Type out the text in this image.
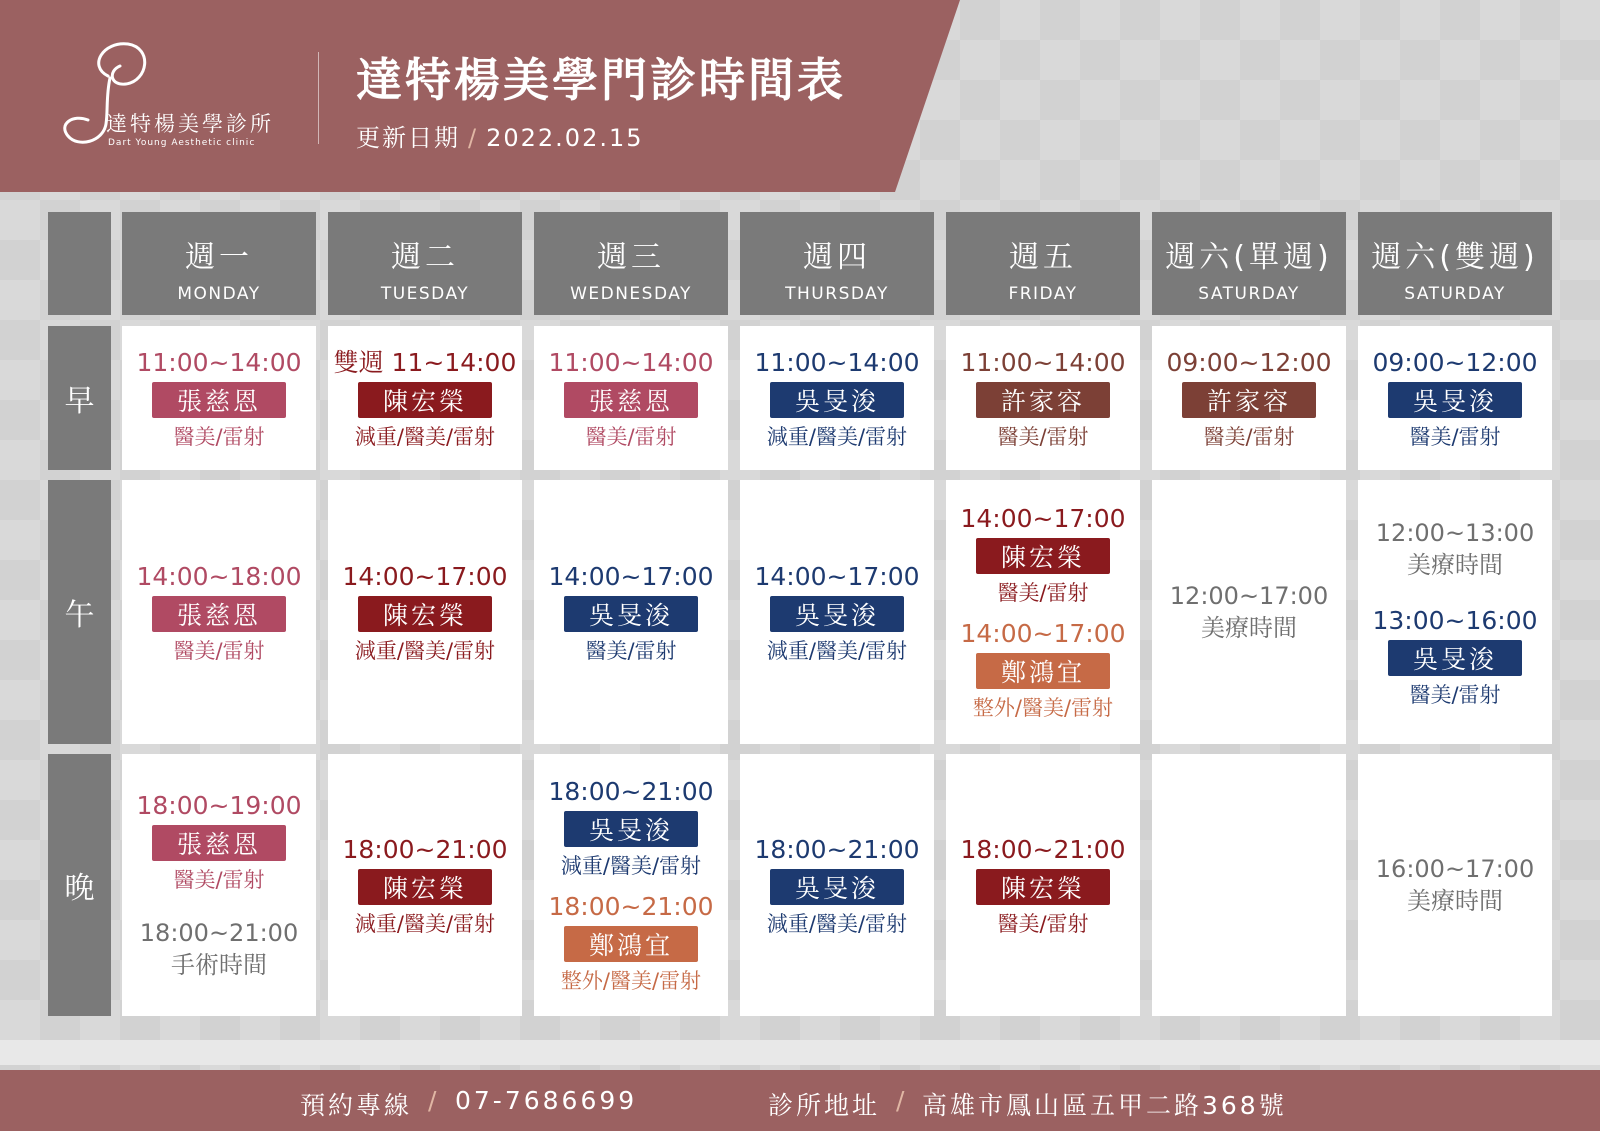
達特楊美學診所
Dart Young Aesthetic clinic
達特楊美學門診時間表
更新日期 / 2022.02.15
週一
MONDAY
週二
TUESDAY
週三
WEDNESDAY
週四
THURSDAY
週五
FRIDAY
週六(單週)
SATURDAY
週六(雙週)
SATURDAY
早
11:00~14:00
張慈恩
醫美/雷射
雙週 11~14:00
陳宏榮
減重/醫美/雷射
11:00~14:00
張慈恩
醫美/雷射
11:00~14:00
吳旻浚
減重/醫美/雷射
11:00~14:00
許家容
醫美/雷射
09:00~12:00
許家容
醫美/雷射
09:00~12:00
吳旻浚
醫美/雷射
午
14:00~18:00
張慈恩
醫美/雷射
14:00~17:00
陳宏榮
減重/醫美/雷射
14:00~17:00
吳旻浚
醫美/雷射
14:00~17:00
吳旻浚
減重/醫美/雷射
14:00~17:00
陳宏榮
醫美/雷射
14:00~17:00
鄭鴻宜
整外/醫美/雷射
12:00~17:00
美療時間
12:00~13:00
美療時間
13:00~16:00
吳旻浚
醫美/雷射
晚
18:00~19:00
張慈恩
醫美/雷射
18:00~21:00
手術時間
18:00~21:00
陳宏榮
減重/醫美/雷射
18:00~21:00
吳旻浚
減重/醫美/雷射
18:00~21:00
鄭鴻宜
整外/醫美/雷射
18:00~21:00
吳旻浚
減重/醫美/雷射
18:00~21:00
陳宏榮
醫美/雷射
16:00~17:00
美療時間
預約專線 / 07-7686699	診所地址 / 高雄市鳳山區五甲二路368號
